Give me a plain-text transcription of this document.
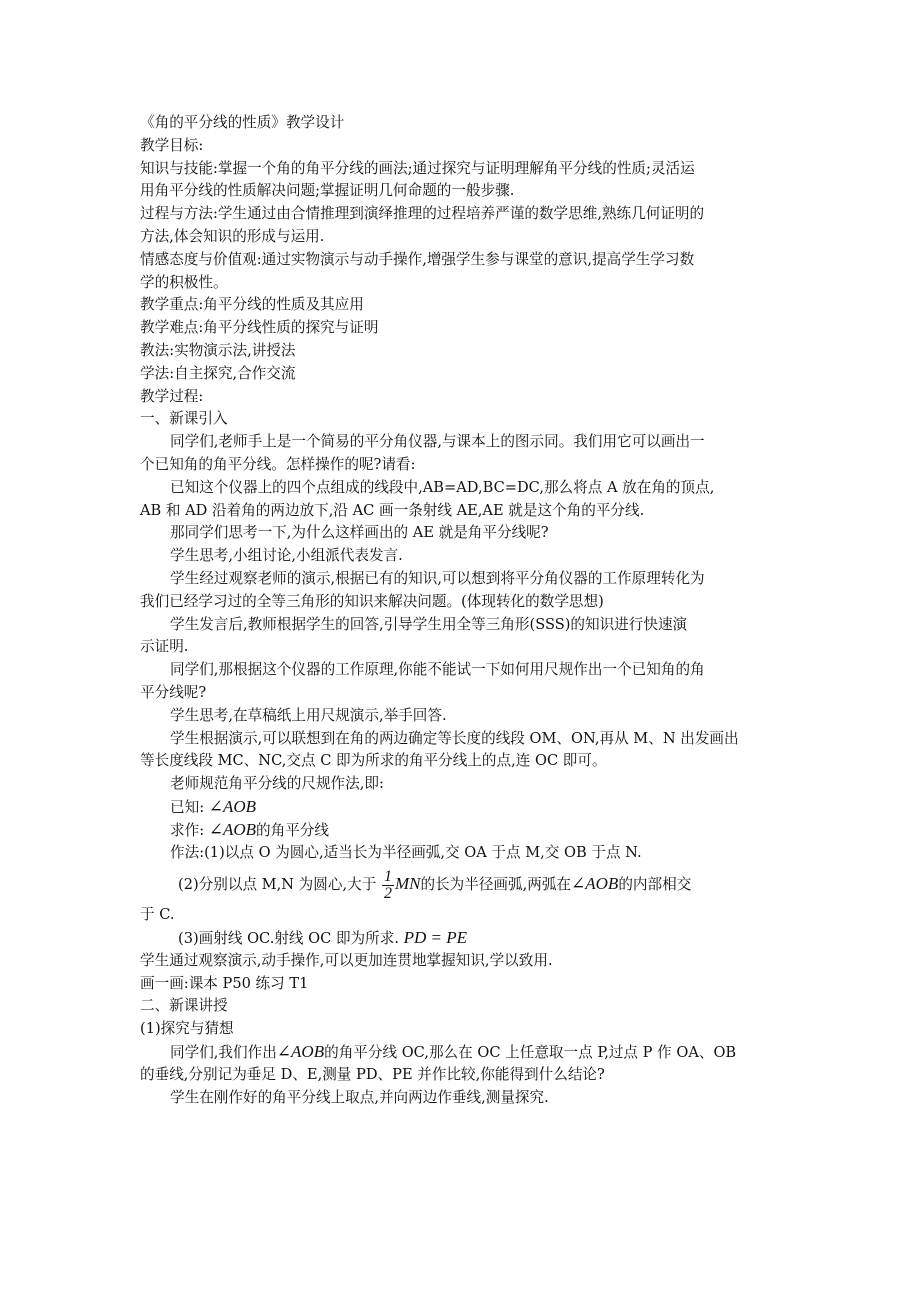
《角的平分线的性质》教学设计
教学目标:
知识与技能:掌握一个角的角平分线的画法;通过探究与证明理解角平分线的性质;灵活运
用角平分线的性质解决问题;掌握证明几何命题的一般步骤.
过程与方法:学生通过由合情推理到演绎推理的过程培养严谨的数学思维,熟练几何证明的
方法,体会知识的形成与运用.
情感态度与价值观:通过实物演示与动手操作,增强学生参与课堂的意识,提高学生学习数
学的积极性。
教学重点:角平分线的性质及其应用
教学难点:角平分线性质的探究与证明
教法:实物演示法,讲授法
学法:自主探究,合作交流
教学过程:
一、新课引入
同学们,老师手上是一个简易的平分角仪器,与课本上的图示同。我们用它可以画出一
个已知角的角平分线。怎样操作的呢?请看:
已知这个仪器上的四个点组成的线段中,AB=AD,BC=DC,那么将点 A 放在角的顶点,
AB 和 AD 沿着角的两边放下,沿 AC 画一条射线 AE,AE 就是这个角的平分线.
那同学们思考一下,为什么这样画出的 AE 就是角平分线呢?
学生思考,小组讨论,小组派代表发言.
学生经过观察老师的演示,根据已有的知识,可以想到将平分角仪器的工作原理转化为
我们已经学习过的全等三角形的知识来解决问题。(体现转化的数学思想)
学生发言后,教师根据学生的回答,引导学生用全等三角形(SSS)的知识进行快速演
示证明.
同学们,那根据这个仪器的工作原理,你能不能试一下如何用尺规作出一个已知角的角
平分线呢?
学生思考,在草稿纸上用尺规演示,举手回答.
学生根据演示,可以联想到在角的两边确定等长度的线段 OM、ON,再从 M、N 出发画出
等长度线段 MC、NC,交点 C 即为所求的角平分线上的点,连 OC 即可。
老师规范角平分线的尺规作法,即:
已知: ∠AOB
求作: ∠AOB的角平分线
作法:(1)以点 O 为圆心,适当长为半径画弧,交 OA 于点 M,交 OB 于点 N.
(2)分别以点 M,N 为圆心,大于 $\frac{1}{2}$ MN的长为半径画弧,两弧在∠AOB的内部相交
于 C.
(3)画射线 OC.射线 OC 即为所求. PD = PE
学生通过观察演示,动手操作,可以更加连贯地掌握知识,学以致用.
画一画:课本 P50 练习 T1
二、新课讲授
(1)探究与猜想
同学们,我们作出∠AOB的角平分线 OC,那么在 OC 上任意取一点 P,过点 P 作 OA、OB
的垂线,分别记为垂足 D、E,测量 PD、PE 并作比较,你能得到什么结论?
学生在刚作好的角平分线上取点,并向两边作垂线,测量探究.
